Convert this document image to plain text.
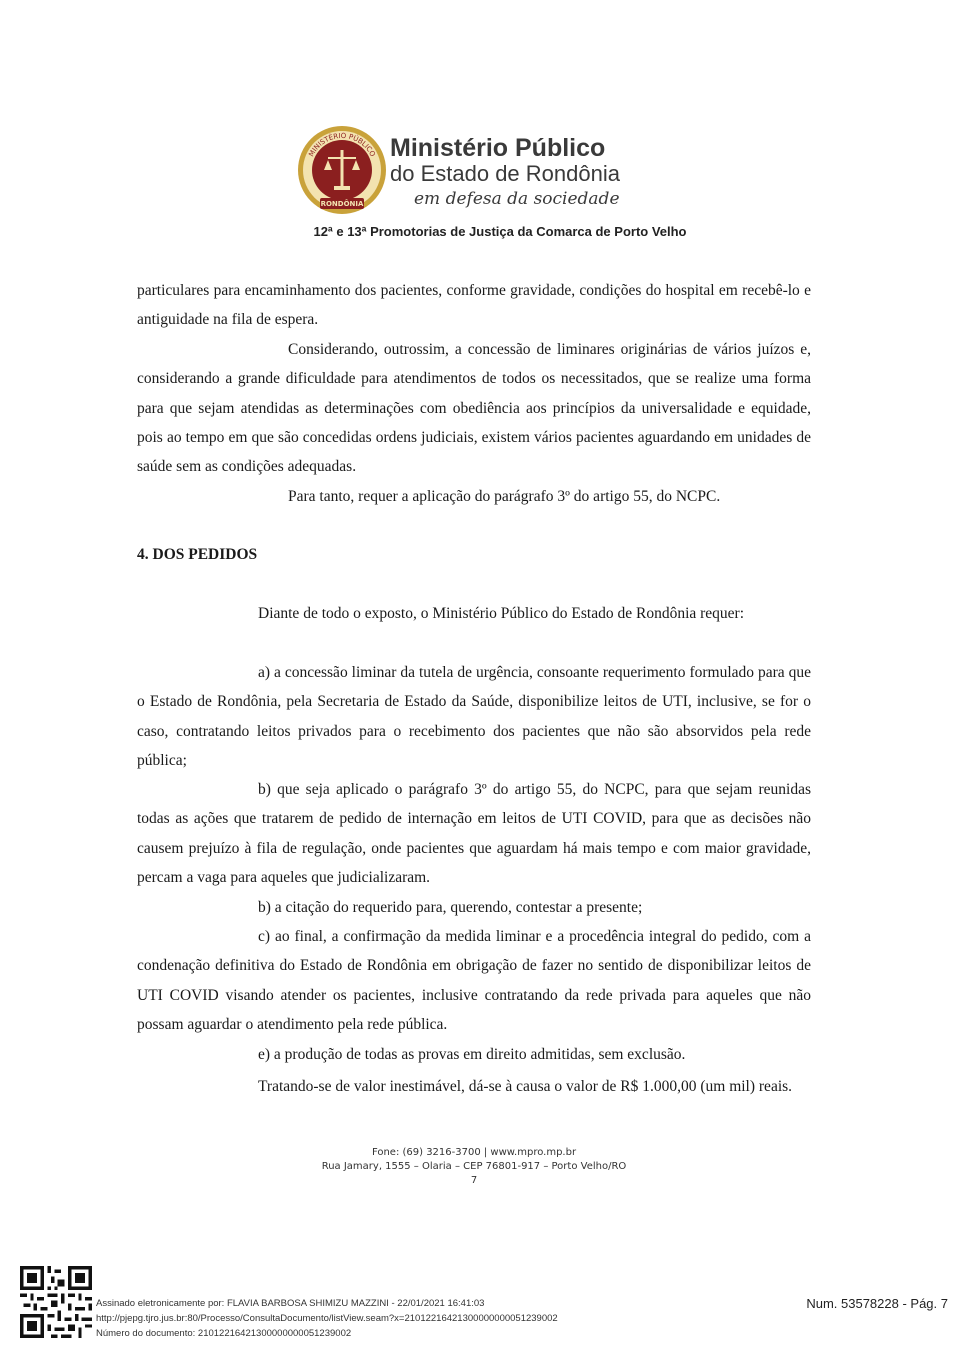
MINISTÉRIO PÚBLICO
RONDÔNIA
Ministério Público
do Estado de Rondônia
em defesa da sociedade
12ª e 13ª Promotorias de Justiça da Comarca de Porto Velho

particulares para encaminhamento dos pacientes, conforme gravidade, condições do hospital em recebê-lo e antiguidade na fila de espera.

Considerando, outrossim, a concessão de liminares originárias de vários juízos e, considerando a grande dificuldade para atendimentos de todos os necessitados, que se realize uma forma para que sejam atendidas as determinações com obediência aos princípios da universalidade e equidade, pois ao tempo em que são concedidas ordens judiciais, existem vários pacientes aguardando em unidades de saúde sem as condições adequadas.

Para tanto, requer a aplicação do parágrafo 3º do artigo 55, do NCPC.

4. DOS PEDIDOS

Diante de todo o exposto, o Ministério Público do Estado de Rondônia requer:

a) a concessão liminar da tutela de urgência, consoante requerimento formulado para que o Estado de Rondônia, pela Secretaria de Estado da Saúde, disponibilize leitos de UTI, inclusive, se for o caso, contratando leitos privados para o recebimento dos pacientes que não são absorvidos pela rede pública;

b) que seja aplicado o parágrafo 3º do artigo 55, do NCPC, para que sejam reunidas todas as ações que tratarem de pedido de internação em leitos de UTI COVID, para que as decisões não causem prejuízo à fila de regulação, onde pacientes que aguardam há mais tempo e com maior gravidade, percam a vaga para aqueles que judicializaram.

b) a citação do requerido para, querendo, contestar a presente;

c) ao final, a confirmação da medida liminar e a procedência integral do pedido, com a condenação definitiva do Estado de Rondônia em obrigação de fazer no sentido de disponibilizar leitos de UTI COVID visando atender os pacientes, inclusive contratando da rede privada para aqueles que não possam aguardar o atendimento pela rede pública.

e) a produção de todas as provas em direito admitidas, sem exclusão.

Tratando-se de valor inestimável, dá-se à causa o valor de R$ 1.000,00 (um mil) reais.

Fone: (69) 3216-3700 | www.mpro.mp.br
Rua Jamary, 1555 – Olaria – CEP 76801-917 – Porto Velho/RO
7
Assinado eletronicamente por: FLAVIA BARBOSA SHIMIZU MAZZINI - 22/01/2021 16:41:03
http://pjepg.tjro.jus.br:80/Processo/ConsultaDocumento/listView.seam?x=21012216421300000000051239002
Número do documento: 21012216421300000000051239002
Num. 53578228 - Pág. 7
